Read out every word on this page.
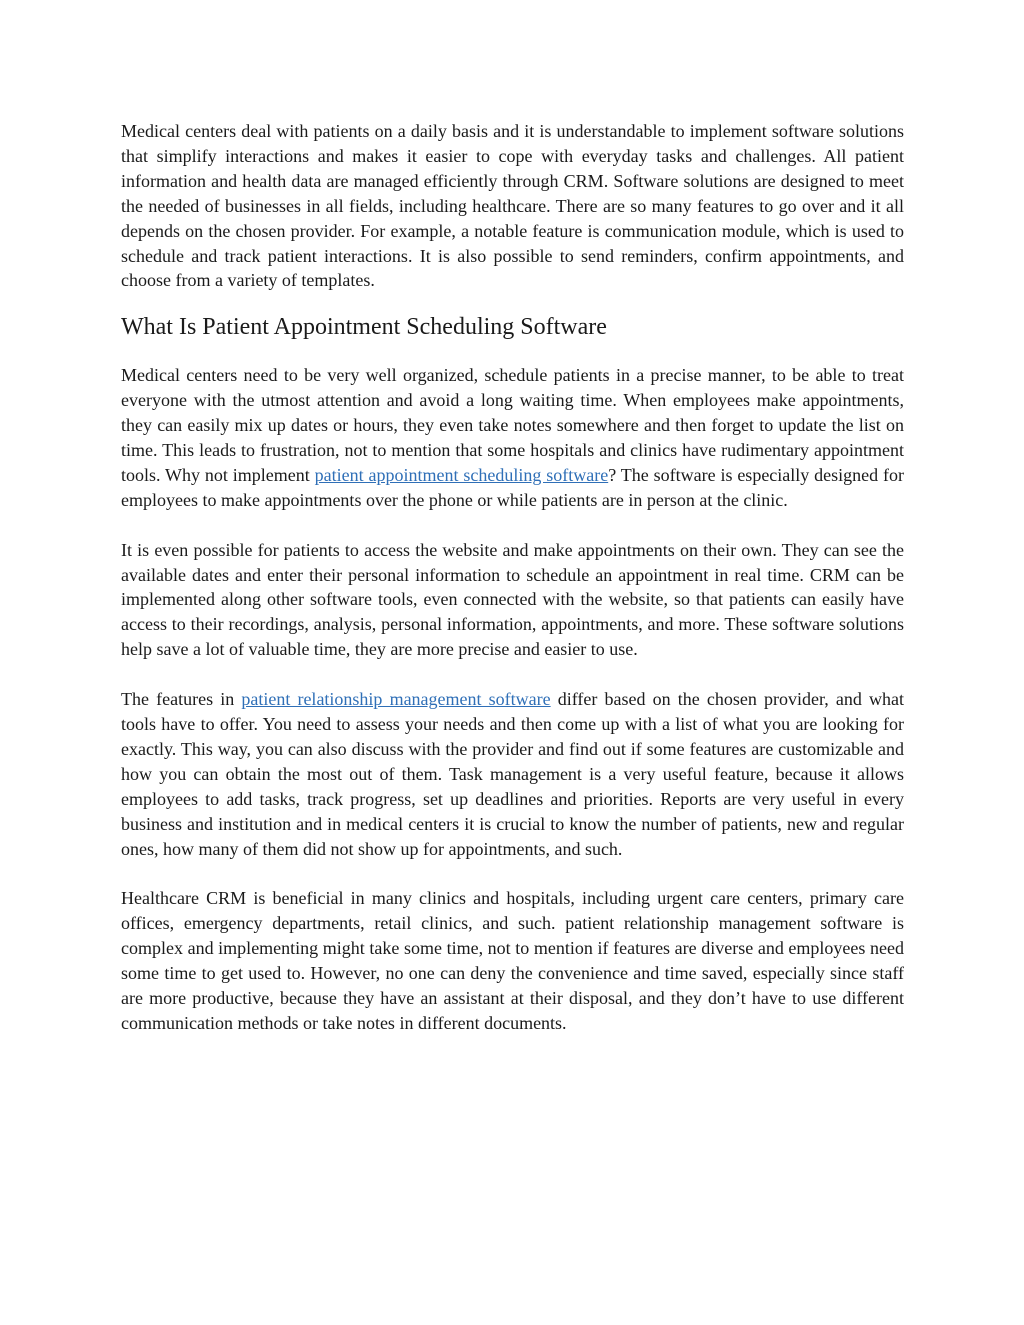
Medical centers deal with patients on a daily basis and it is understandable to implement software solutions that simplify interactions and makes it easier to cope with everyday tasks and challenges. All patient information and health data are managed efficiently through CRM. Software solutions are designed to meet the needed of businesses in all fields, including healthcare. There are so many features to go over and it all depends on the chosen provider. For example, a notable feature is communication module, which is used to schedule and track patient interactions. It is also possible to send reminders, confirm appointments, and choose from a variety of templates.

What Is Patient Appointment Scheduling Software

Medical centers need to be very well organized, schedule patients in a precise manner, to be able to treat everyone with the utmost attention and avoid a long waiting time. When employees make appointments, they can easily mix up dates or hours, they even take notes somewhere and then forget to update the list on time. This leads to frustration, not to mention that some hospitals and clinics have rudimentary appointment tools. Why not implement patient appointment scheduling software? The software is especially designed for employees to make appointments over the phone or while patients are in person at the clinic.

It is even possible for patients to access the website and make appointments on their own. They can see the available dates and enter their personal information to schedule an appointment in real time. CRM can be implemented along other software tools, even connected with the website, so that patients can easily have access to their recordings, analysis, personal information, appointments, and more. These software solutions help save a lot of valuable time, they are more precise and easier to use.

The features in patient relationship management software differ based on the chosen provider, and what tools have to offer. You need to assess your needs and then come up with a list of what you are looking for exactly. This way, you can also discuss with the provider and find out if some features are customizable and how you can obtain the most out of them. Task management is a very useful feature, because it allows employees to add tasks, track progress, set up deadlines and priorities. Reports are very useful in every business and institution and in medical centers it is crucial to know the number of patients, new and regular ones, how many of them did not show up for appointments, and such.

Healthcare CRM is beneficial in many clinics and hospitals, including urgent care centers, primary care offices, emergency departments, retail clinics, and such. patient relationship management software is complex and implementing might take some time, not to mention if features are diverse and employees need some time to get used to. However, no one can deny the convenience and time saved, especially since staff are more productive, because they have an assistant at their disposal, and they don’t have to use different communication methods or take notes in different documents.
